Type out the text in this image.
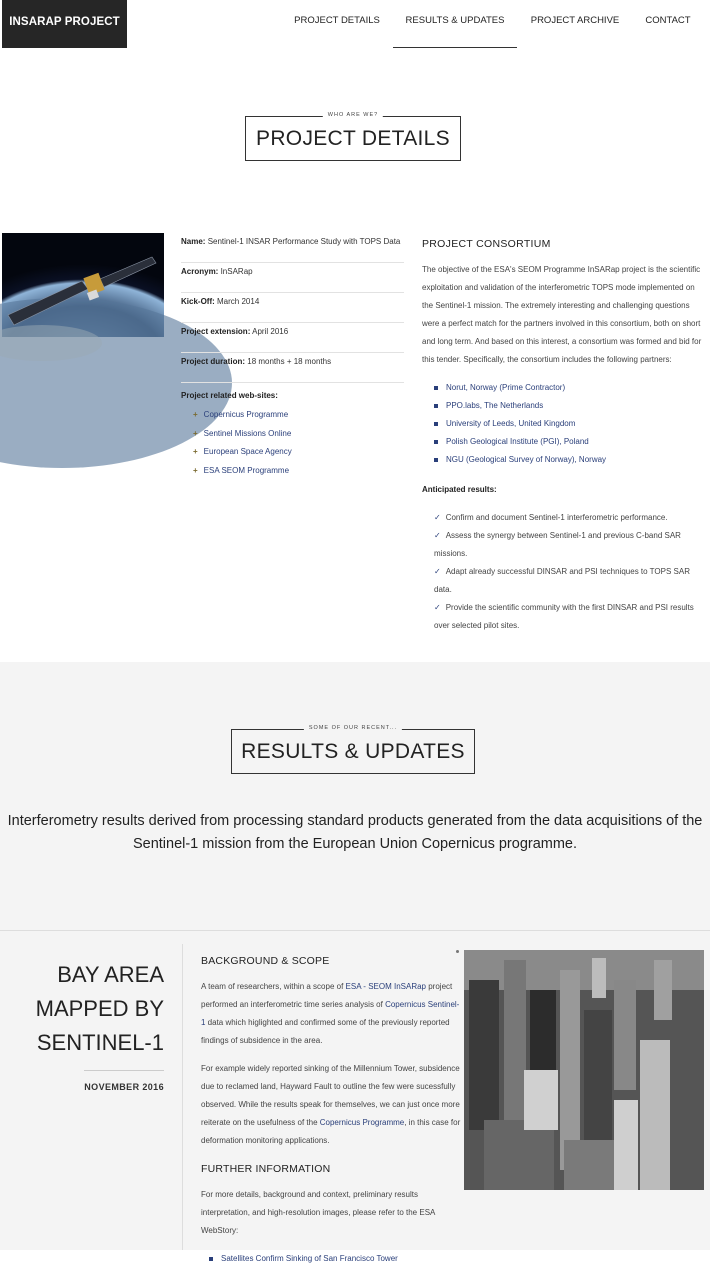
INSARAP PROJECT	PROJECT DETAILS	RESULTS & UPDATES	PROJECT ARCHIVE	CONTACT
PROJECT DETAILS
WHO ARE WE?
Name: Sentinel-1 INSAR Performance Study with TOPS Data
Acronym: InSARap
Kick-Off: March 2014
Project extension: April 2016
Project duration: 18 months + 18 months
Project related web-sites:
+ Copernicus Programme
+ Sentinel Missions Online
+ European Space Agency
+ ESA SEOM Programme
PROJECT CONSORTIUM

The objective of the ESA's SEOM Programme InSARap project is the scientific exploitation and validation of the interferometric TOPS mode implemented on the Sentinel-1 mission. The extremely interesting and challenging questions were a perfect match for the partners involved in this consortium, both on short and long term. And based on this interest, a consortium was formed and bid for this tender. Specifically, the consortium includes the following partners:

Norut, Norway (Prime Contractor)
PPO.labs, The Netherlands
University of Leeds, United Kingdom
Polish Geological Institute (PGI), Poland
NGU (Geological Survey of Norway), Norway

Anticipated results:

✓ Confirm and document Sentinel-1 interferometric performance.
✓ Assess the synergy between Sentinel-1 and previous C-band SAR missions.
✓ Adapt already successful DINSAR and PSI techniques to TOPS SAR data.
✓ Provide the scientific community with the first DINSAR and PSI results over selected pilot sites.
RESULTS & UPDATES
SOME OF OUR RECENT...
Interferometry results derived from processing standard products generated from the data acquisitions of the Sentinel-1 mission from the European Union Copernicus programme.
BAY AREA
MAPPED BY
SENTINEL-1
NOVEMBER 2016
BACKGROUND & SCOPE

A team of researchers, within a scope of ESA - SEOM InSARap project performed an interferometric time series analysis of Copernicus Sentinel-1 data which higlighted and confirmed some of the previously reported findings of subsidence in the area.

For example widely reported sinking of the Millennium Tower, subsidence due to reclamed land, Hayward Fault to outline the few were sucessfully observed. While the results speak for themselves, we can just once more reiterate on the usefulness of the Copernicus Programme, in this case for deformation monitoring applications.

FURTHER INFORMATION

For more details, background and context, preliminary results interpretation, and high-resolution images, please refer to the ESA WebStory:

Satellites Confirm Sinking of San Francisco Tower
